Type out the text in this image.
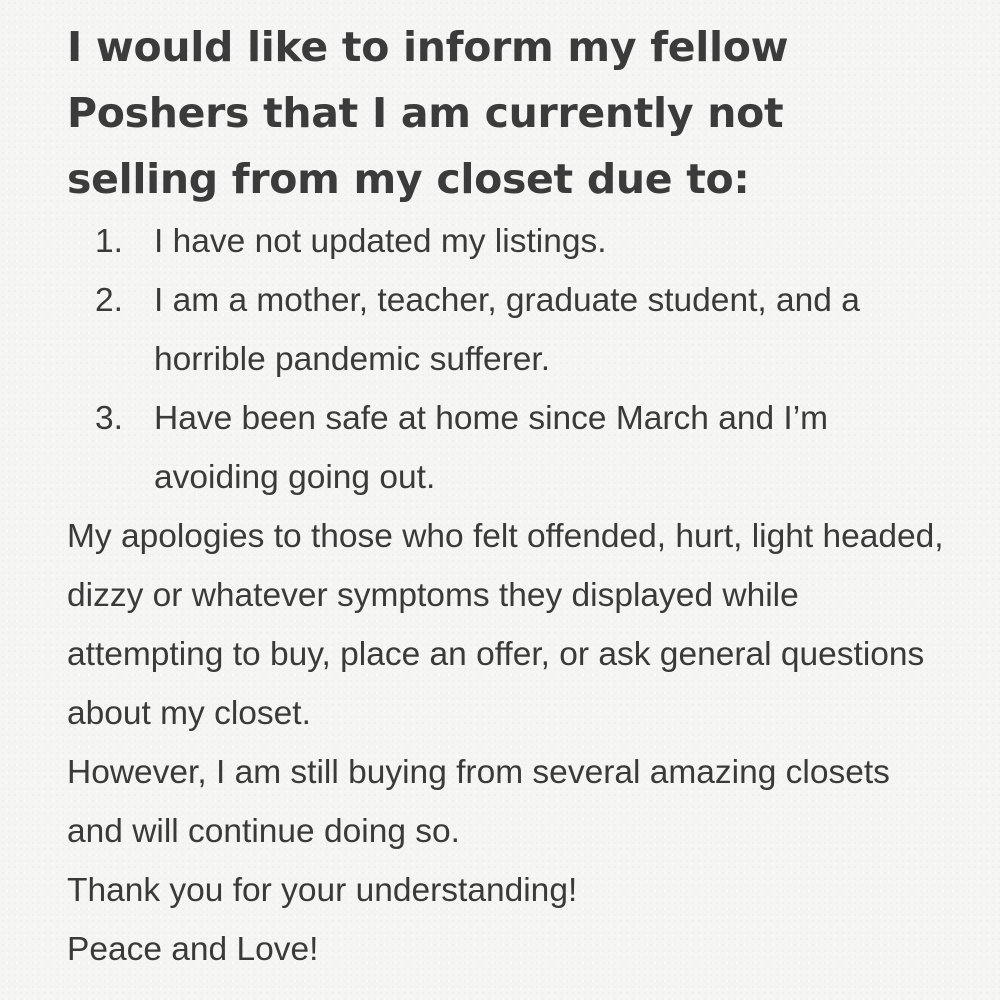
I would like to inform my fellow Poshers that I am currently not selling from my closet due to:
1. I have not updated my listings.
2. I am a mother, teacher, graduate student, and a horrible pandemic sufferer.
3. Have been safe at home since March and I’m avoiding going out.

My apologies to those who felt offended, hurt, light headed, dizzy or whatever symptoms they displayed while attempting to buy, place an offer, or ask general questions about my closet.

However, I am still buying from several amazing closets and will continue doing so.

Thank you for your understanding!

Peace and Love!
